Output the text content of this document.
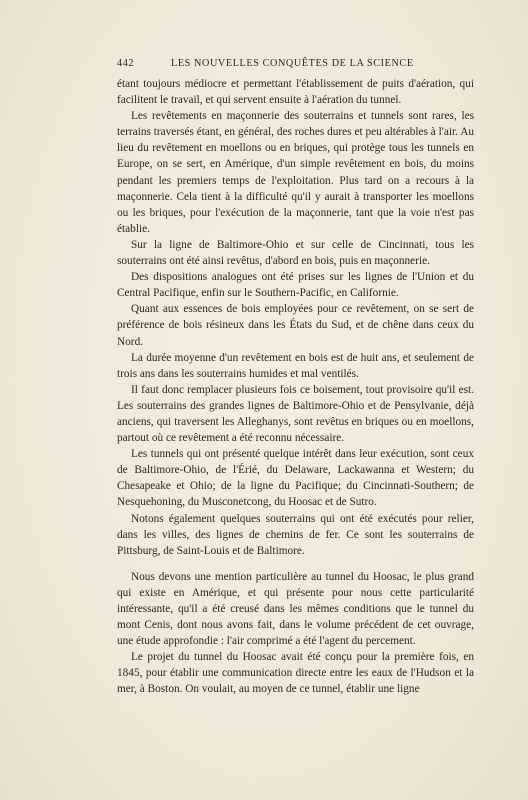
442	LES NOUVELLES CONQUÊTES DE LA SCIENCE

étant toujours médiocre et permettant l'établissement de puits d'aération, qui facilitent le travail, et qui servent ensuite à l'aération du tunnel.

Les revêtements en maçonnerie des souterrains et tunnels sont rares, les terrains traversés étant, en général, des roches dures et peu altérables à l'air. Au lieu du revêtement en moellons ou en briques, qui protège tous les tunnels en Europe, on se sert, en Amérique, d'un simple revêtement en bois, du moins pendant les premiers temps de l'exploitation. Plus tard on a recours à la maçonnerie. Cela tient à la difficulté qu'il y aurait à transporter les moellons ou les briques, pour l'exécution de la maçonnerie, tant que la voie n'est pas établie.

Sur la ligne de Baltimore-Ohio et sur celle de Cincinnati, tous les souterrains ont été ainsi revêtus, d'abord en bois, puis en maçonnerie.

Des dispositions analogues ont été prises sur les lignes de l'Union et du Central Pacifique, enfin sur le Southern-Pacific, en Californie.

Quant aux essences de bois employées pour ce revêtement, on se sert de préférence de bois résineux dans les États du Sud, et de chêne dans ceux du Nord.

La durée moyenne d'un revêtement en bois est de huit ans, et seulement de trois ans dans les souterrains humides et mal ventilés.

Il faut donc remplacer plusieurs fois ce boisement, tout provisoire qu'il est. Les souterrains des grandes lignes de Baltimore-Ohio et de Pensylvanie, déjà anciens, qui traversent les Alleghanys, sont revêtus en briques ou en moellons, partout où ce revêtement a été reconnu nécessaire.

Les tunnels qui ont présenté quelque intérêt dans leur exécution, sont ceux de Baltimore-Ohio, de l'Érié, du Delaware, Lackawanna et Western; du Chesapeake et Ohio; de la ligne du Pacifique; du Cincinnati-Southern; de Nesquehoning, du Musconetcong, du Hoosac et de Sutro.

Notons également quelques souterrains qui ont été exécutés pour relier, dans les villes, des lignes de chemins de fer. Ce sont les souterrains de Pittsburg, de Saint-Louis et de Baltimore.

Nous devons une mention particulière au tunnel du Hoosac, le plus grand qui existe en Amérique, et qui présente pour nous cette particularité intéressante, qu'il a été creusé dans les mêmes conditions que le tunnel du mont Cenis, dont nous avons fait, dans le volume précédent de cet ouvrage, une étude approfondie : l'air comprimé a été l'agent du percement.

Le projet du tunnel du Hoosac avait été conçu pour la première fois, en 1845, pour établir une communication directe entre les eaux de l'Hudson et la mer, à Boston. On voulait, au moyen de ce tunnel, établir une ligne
